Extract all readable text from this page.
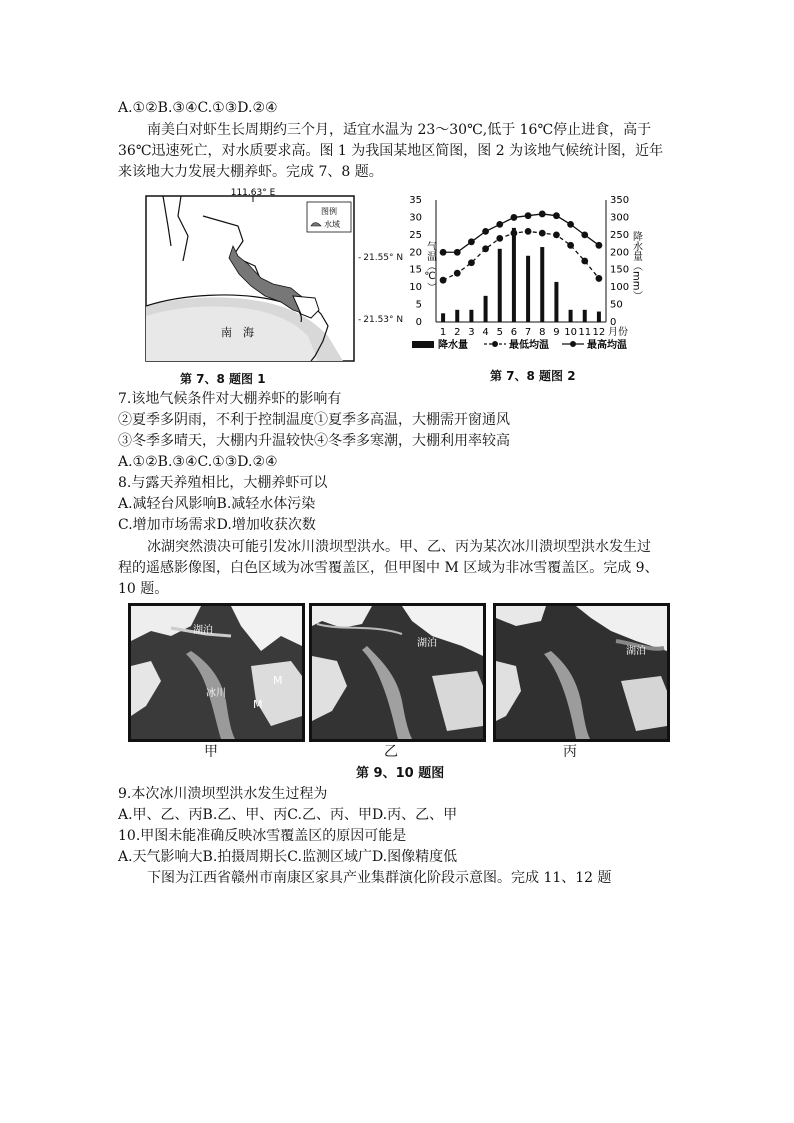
A.①②B.③④C.①③D.②④
南美白对虾生长周期约三个月，适宜水温为 23～30℃,低于 16℃停止进食，高于
36℃迅速死亡，对水质要求高。图 1 为我国某地区简图，图 2 为该地气候统计图，近年
来该地大力发展大棚养虾。完成 7、8 题。
111.63° E
图例
水域
南　海
第 7、8 题图 1
- 21.55° N
- 21.53° N 0
5
10
15
20
25
30
35
0
50
100
150
200
250
300
350
气温（℃）	降水量（mm）
1 2 3 4 5 6 7 8 9 10 11 12 月份
降水量	最低均温	最高均温
第 7、8 题图 2
7.该地气候条件对大棚养虾的影响有
②夏季多阴雨，不利于控制温度①夏季多高温，大棚需开窗通风
③冬季多晴天，大棚内升温较快④冬季多寒潮，大棚利用率较高
A.①②B.③④C.①③D.②④
8.与露天养殖相比，大棚养虾可以
A.减轻台风影响B.减轻水体污染
C.增加市场需求D.增加收获次数
冰湖突然溃决可能引发冰川溃坝型洪水。甲、乙、丙为某次冰川溃坝型洪水发生过
程的遥感影像图，白色区域为冰雪覆盖区，但甲图中 M 区域为非冰雪覆盖区。完成 9、
10 题。
湖泊
冰川
M
M
湖泊
湖泊
甲	乙	丙
第 9、10 题图
9.本次冰川溃坝型洪水发生过程为
A.甲、乙、丙B.乙、甲、丙C.乙、丙、甲D.丙、乙、甲
10.甲图未能准确反映冰雪覆盖区的原因可能是
A.天气影响大B.拍摄周期长C.监测区域广D.图像精度低
下图为江西省赣州市南康区家具产业集群演化阶段示意图。完成 11、12 题
